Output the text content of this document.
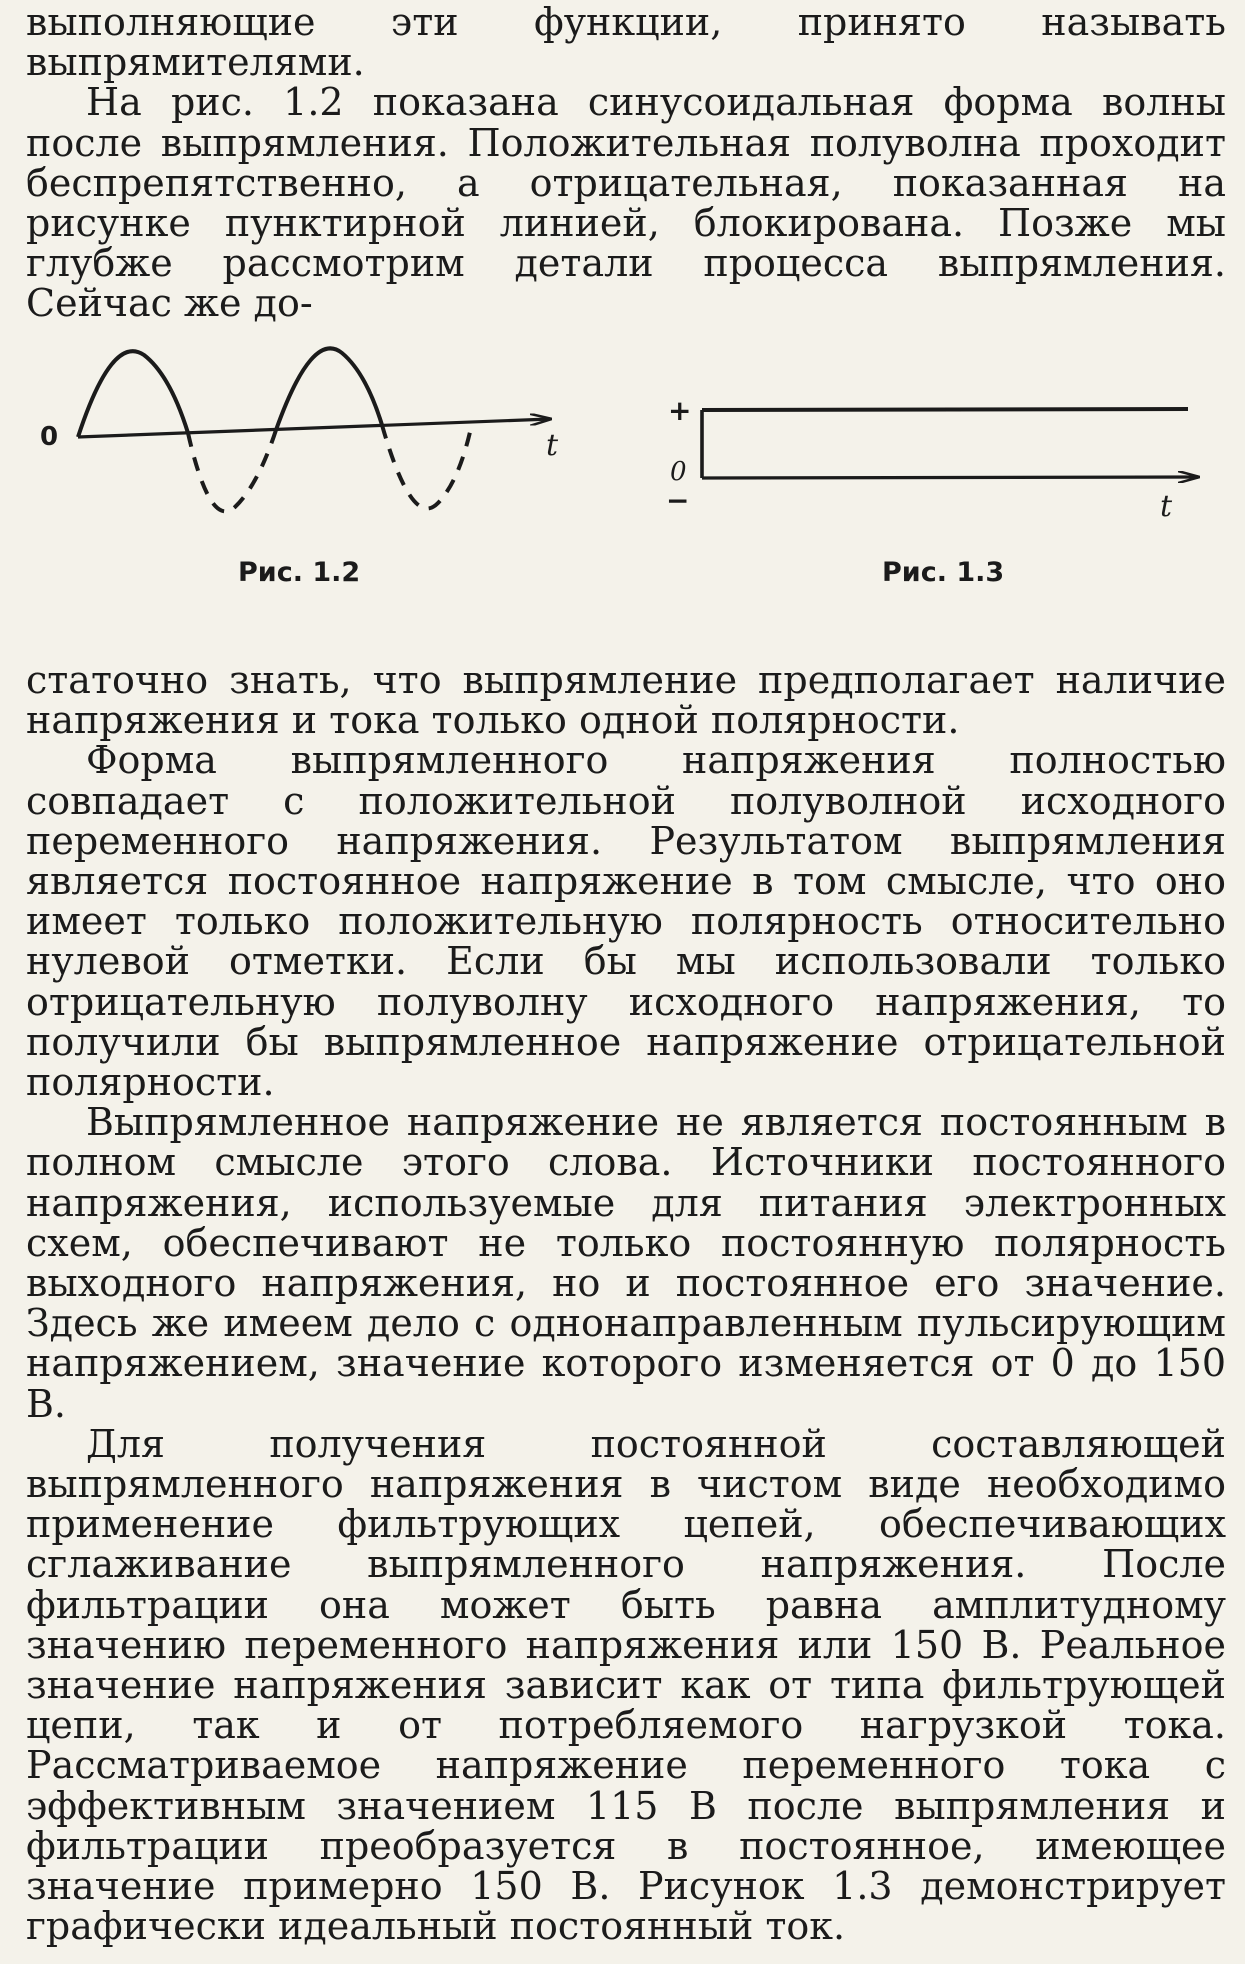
выполняющие эти функции, принято называть выпрямителями.

На рис. 1.2 показана синусоидальная форма волны после выпрямления. Положительная полуволна проходит беспрепятственно, а отрицательная, показанная на рисунке пунктирной линией, блокирована. Позже мы глубже рассмотрим детали процесса выпрямления. Сейчас же до-

0	t
Рис. 1.2
+
0
−	t
Рис. 1.3

статочно знать, что выпрямление предполагает наличие напряжения и тока только одной полярности.

Форма выпрямленного напряжения полностью совпадает с положительной полуволной исходного переменного напряжения. Результатом выпрямления является постоянное напряжение в том смысле, что оно имеет только положительную полярность относительно нулевой отметки. Если бы мы использовали только отрицательную полуволну исходного напряжения, то получили бы выпрямленное напряжение отрицательной полярности.

Выпрямленное напряжение не является постоянным в полном смысле этого слова. Источники постоянного напряжения, используемые для питания электронных схем, обеспечивают не только постоянную полярность выходного напряжения, но и постоянное его значение. Здесь же имеем дело с однонаправленным пульсирующим напряжением, значение которого изменяется от 0 до 150 В.

Для получения постоянной составляющей выпрямленного напряжения в чистом виде необходимо применение фильтрующих цепей, обеспечивающих сглаживание выпрямленного напряжения. После фильтрации она может быть равна амплитудному значению переменного напряжения или 150 В. Реальное значение напряжения зависит как от типа фильтрующей цепи, так и от потребляемого нагрузкой тока. Рассматриваемое напряжение переменного тока с эффективным значением 115 В после выпрямления и фильтрации преобразуется в постоянное, имеющее значение примерно 150 В. Рисунок 1.3 демонстрирует графически идеальный постоянный ток.
